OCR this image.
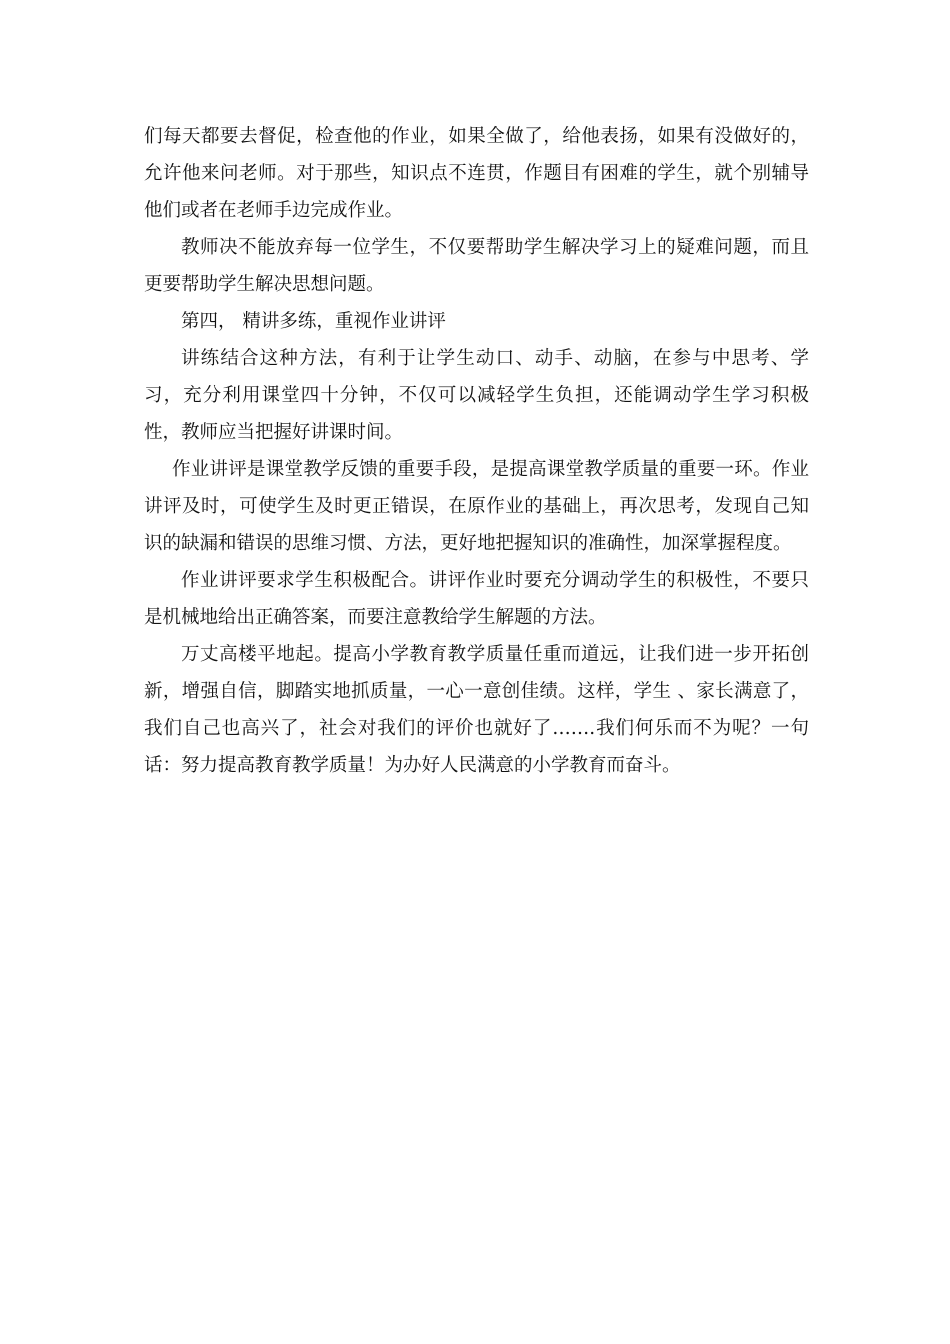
们每天都要去督促，检查他的作业，如果全做了，给他表扬，如果有没做好的，允许他来问老师。对于那些，知识点不连贯，作题目有困难的学生，就个别辅导他们或者在老师手边完成作业。

教师决不能放弃每一位学生，不仅要帮助学生解决学习上的疑难问题，而且更要帮助学生解决思想问题。

第四， 精讲多练，重视作业讲评

讲练结合这种方法，有利于让学生动口、动手、动脑，在参与中思考、学习，充分利用课堂四十分钟，不仅可以减轻学生负担，还能调动学生学习积极性，教师应当把握好讲课时间。

作业讲评是课堂教学反馈的重要手段，是提高课堂教学质量的重要一环。作业讲评及时，可使学生及时更正错误，在原作业的基础上，再次思考，发现自己知识的缺漏和错误的思维习惯、方法，更好地把握知识的准确性，加深掌握程度。

作业讲评要求学生积极配合。讲评作业时要充分调动学生的积极性，不要只是机械地给出正确答案，而要注意教给学生解题的方法。

万丈高楼平地起。提高小学教育教学质量任重而道远，让我们进一步开拓创新，增强自信，脚踏实地抓质量，一心一意创佳绩。这样，学生 、家长满意了，我们自己也高兴了，社会对我们的评价也就好了…….我们何乐而不为呢？一句话：努力提高教育教学质量！为办好人民满意的小学教育而奋斗。
